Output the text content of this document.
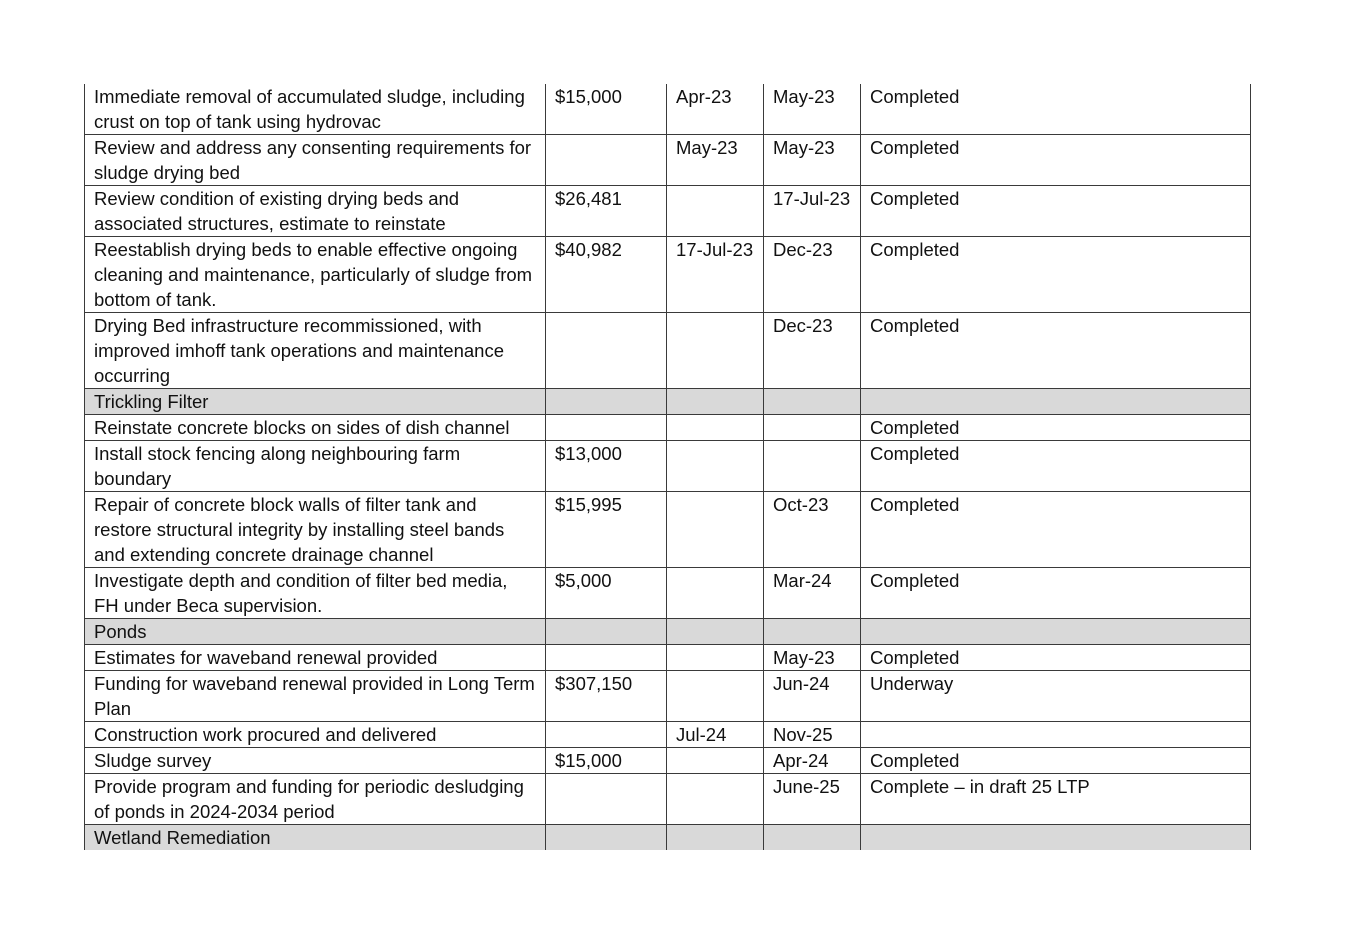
Immediate removal of accumulated sludge, including crust on top of tank using hydrovac	$15,000	Apr-23	May-23	Completed
Review and address any consenting requirements for sludge drying bed		May-23	May-23	Completed
Review condition of existing drying beds and associated structures, estimate to reinstate	$26,481		17-Jul-23	Completed
Reestablish drying beds to enable effective ongoing cleaning and maintenance, particularly of sludge from bottom of tank.	$40,982	17-Jul-23	Dec-23	Completed
Drying Bed infrastructure recommissioned, with improved imhoff tank operations and maintenance occurring			Dec-23	Completed
Trickling Filter				
Reinstate concrete blocks on sides of dish channel				Completed
Install stock fencing along neighbouring farm boundary	$13,000			Completed
Repair of concrete block walls of filter tank and restore structural integrity by installing steel bands and extending concrete drainage channel	$15,995		Oct-23	Completed
Investigate depth and condition of filter bed media, FH under Beca supervision.	$5,000		Mar-24	Completed
Ponds				
Estimates for waveband renewal provided			May-23	Completed
Funding for waveband renewal provided in Long Term Plan	$307,150		Jun-24	Underway
Construction work procured and delivered		Jul-24	Nov-25	
Sludge survey	$15,000		Apr-24	Completed
Provide program and funding for periodic desludging of ponds in 2024-2034 period			June-25	Complete – in draft 25 LTP
Wetland Remediation				
